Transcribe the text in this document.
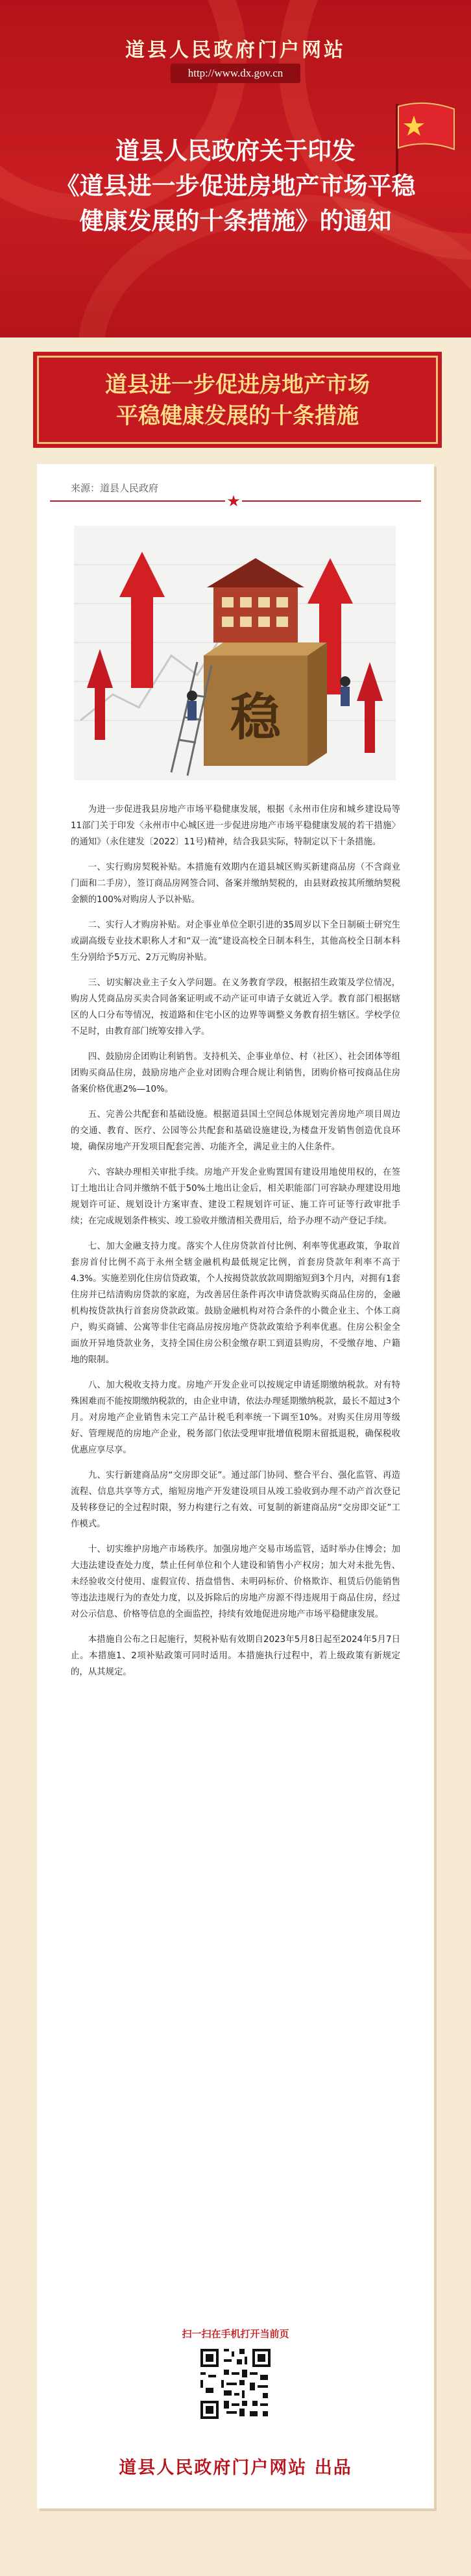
道县人民政府门户网站
http://www.dx.gov.cn
道县人民政府关于印发
《道县进一步促进房地产市场平稳
健康发展的十条措施》的通知
道县进一步促进房地产市场
平稳健康发展的十条措施
来源：道县人民政府
★
稳

为进一步促进我县房地产市场平稳健康发展，根据《永州市住房和城乡建设局等11部门关于印发〈永州市中心城区进一步促进房地产市场平稳健康发展的若干措施〉的通知》（永住建发〔2022〕11号)精神，结合我县实际，特制定以下十条措施。

一、实行购房契税补贴。本措施有效期内在道县城区购买新建商品房（不含商业门面和二手房），签订商品房网签合同、备案并缴纳契税的，由县财政按其所缴纳契税金额的100%对购房人予以补贴。

二、实行人才购房补贴。对企事业单位全职引进的35周岁以下全日制硕士研究生或副高级专业技术职称人才和“双一流”建设高校全日制本科生，其他高校全日制本科生分别给予5万元、2万元购房补贴。

三、切实解决业主子女入学问题。在义务教育学段，根据招生政策及学位情况，购房人凭商品房买卖合同备案证明或不动产证可申请子女就近入学。教育部门根据辖区的人口分布等情况，按道路和住宅小区的边界等调整义务教育招生辖区。学校学位不足时，由教育部门统筹安排入学。

四、鼓励房企团购让利销售。支持机关、企事业单位、村（社区）、社会团体等组团购买商品住房，鼓励房地产企业对团购合理合规让利销售，团购价格可按商品住房备案价格优惠2%—10%。

五、完善公共配套和基础设施。根据道县国土空间总体规划完善房地产项目周边的交通、教育、医疗、公园等公共配套和基础设施建设,为楼盘开发销售创造优良环境，确保房地产开发项目配套完善、功能齐全，满足业主的入住条件。

六、容缺办理相关审批手续。房地产开发企业购置国有建设用地使用权的，在签订土地出让合同并缴纳不低于50%土地出让金后，相关职能部门可容缺办理建设用地规划许可证、规划设计方案审查、建设工程规划许可证、施工许可证等行政审批手续；在完成规划条件核实、竣工验收并缴清相关费用后，给予办理不动产登记手续。

七、加大金融支持力度。落实个人住房贷款首付比例、利率等优惠政策，争取首套房首付比例不高于永州全辖金融机构最低规定比例，首套房贷款年利率不高于4.3%。实施差别化住房信贷政策，个人按揭贷款放款周期缩短到3个月内，对拥有1套住房并已结清购房贷款的家庭，为改善居住条件再次申请贷款购买商品住房的，金融机构按贷款执行首套房贷款政策。鼓励金融机构对符合条件的小微企业主、个体工商户，购买商铺、公寓等非住宅商品房按房地产贷款政策给予利率优惠。住房公积金全面放开异地贷款业务，支持全国住房公积金缴存职工到道县购房，不受缴存地、户籍地的限制。

八、加大税收支持力度。房地产开发企业可以按规定申请延期缴纳税款。对有特殊困难而不能按期缴纳税款的，由企业申请，依法办理延期缴纳税款，最长不超过3个月。对房地产企业销售未完工产品计税毛利率统一下调至10%。对购买住房用等级好、管理规范的房地产企业，税务部门依法受理审批增值税期末留抵退税，确保税收优惠应享尽享。

九、实行新建商品房“交房即交证”。通过部门协同、整合平台、强化监管、再造流程、信息共享等方式，缩短房地产开发建设项目从竣工验收到办理不动产首次登记及转移登记的全过程时限，努力构建行之有效、可复制的新建商品房“交房即交证”工作模式。

十、切实维护房地产市场秩序。加强房地产交易市场监管，适时举办住博会；加大违法建设查处力度，禁止任何单位和个人建设和销售小产权房；加大对未批先售、未经验收交付使用、虚假宣传、捂盘惜售、未明码标价、价格欺诈、租赁后仍能销售等违法违规行为的查处力度，以及拆除后的房地产房源不得违规用于商品住房，经过对公示信息、价格等信息的全面监控，持续有效地促进房地产市场平稳健康发展。

本措施自公布之日起施行，契税补贴有效期自2023年5月8日起至2024年5月7日止。本措施1、2项补贴政策可同时适用。本措施执行过程中，若上级政策有新规定的，从其规定。

扫一扫在手机打开当前页
道县人民政府门户网站 出品
